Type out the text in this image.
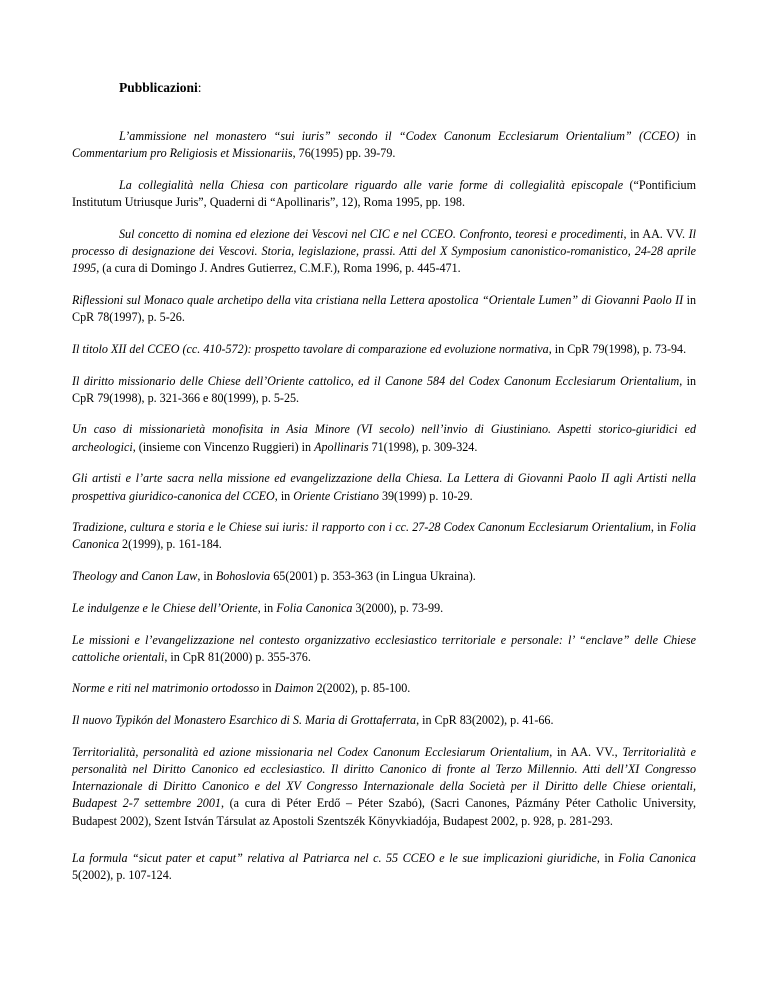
Pubblicazioni:

L’ammissione nel monastero “sui iuris” secondo il “Codex Canonum Ecclesiarum Orientalium” (CCEO) in Commentarium pro Religiosis et Missionariis, 76(1995) pp. 39-79.

La collegialità nella Chiesa con particolare riguardo alle varie forme di collegialità episcopale (“Pontificium Institutum Utriusque Juris”, Quaderni di “Apollinaris”, 12), Roma 1995, pp. 198.

Sul concetto di nomina ed elezione dei Vescovi nel CIC e nel CCEO. Confronto, teoresi e procedimenti, in AA. VV. Il processo di designazione dei Vescovi. Storia, legislazione, prassi. Atti del X Symposium canonistico-romanistico, 24-28 aprile 1995, (a cura di Domingo J. Andres Gutierrez, C.M.F.), Roma 1996, p. 445-471.

Riflessioni sul Monaco quale archetipo della vita cristiana nella Lettera apostolica “Orientale Lumen” di Giovanni Paolo II in CpR 78(1997), p. 5-26.

Il titolo XII del CCEO (cc. 410-572): prospetto tavolare di comparazione ed evoluzione normativa, in CpR 79(1998), p. 73-94.

Il diritto missionario delle Chiese dell’Oriente cattolico, ed il Canone 584 del Codex Canonum Ecclesiarum Orientalium, in CpR 79(1998), p. 321-366 e 80(1999), p. 5-25.

Un caso di missionarietà monofisita in Asia Minore (VI secolo) nell’invio di Giustiniano. Aspetti storico-giuridici ed archeologici, (insieme con Vincenzo Ruggieri) in Apollinaris 71(1998), p. 309-324.

Gli artisti e l’arte sacra nella missione ed evangelizzazione della Chiesa. La Lettera di Giovanni Paolo II agli Artisti nella prospettiva giuridico-canonica del CCEO, in Oriente Cristiano 39(1999) p. 10-29.

Tradizione, cultura e storia e le Chiese sui iuris: il rapporto con i cc. 27-28 Codex Canonum Ecclesiarum Orientalium, in Folia Canonica 2(1999), p. 161-184.

Theology and Canon Law, in Bohoslovia 65(2001) p. 353-363 (in Lingua Ukraina).

Le indulgenze e le Chiese dell’Oriente, in Folia Canonica 3(2000), p. 73-99.

Le missioni e l’evangelizzazione nel contesto organizzativo ecclesiastico territoriale e personale: l’ “enclave” delle Chiese cattoliche orientali, in CpR 81(2000) p. 355-376.

Norme e riti nel matrimonio ortodosso in Daimon 2(2002), p. 85-100.

Il nuovo Typikón del Monastero Esarchico di S. Maria di Grottaferrata, in CpR 83(2002), p. 41-66.

Territorialità, personalità ed azione missionaria nel Codex Canonum Ecclesiarum Orientalium, in AA. VV., Territorialità e personalità nel Diritto Canonico ed ecclesiastico. Il diritto Canonico di fronte al Terzo Millennio. Atti dell’XI Congresso Internazionale di Diritto Canonico e del XV Congresso Internazionale della Società per il Diritto delle Chiese orientali, Budapest 2-7 settembre 2001, (a cura di Péter Erdő – Péter Szabó), (Sacri Canones, Pázmány Péter Catholic University, Budapest 2002), Szent István Társulat az Apostoli Szentszék Könyvkiadója, Budapest 2002, p. 928, p. 281-293.

La formula “sicut pater et caput” relativa al Patriarca nel c. 55 CCEO e le sue implicazioni giuridiche, in Folia Canonica 5(2002), p. 107-124.
